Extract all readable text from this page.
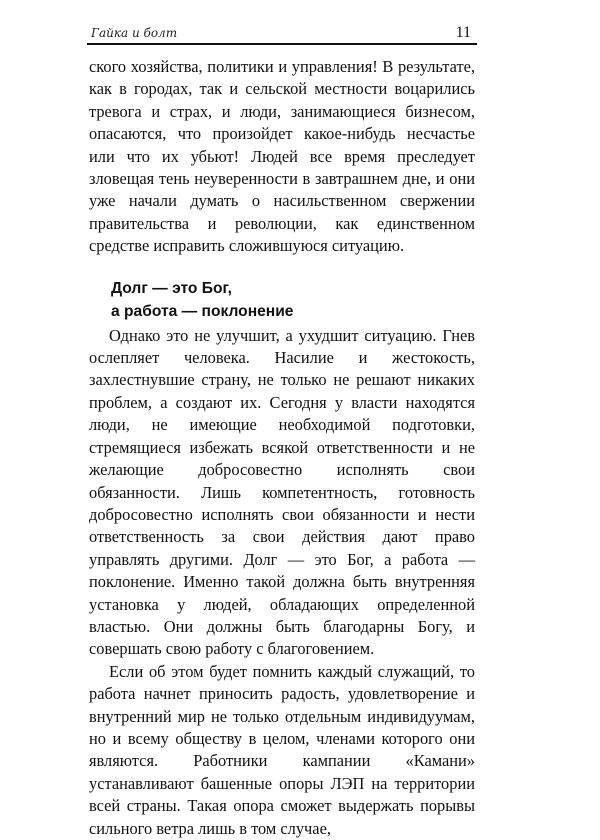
Гайка и болт	11

ского хозяйства, политики и управления! В результате, как в городах, так и сельской местности воцарились тревога и страх, и люди, занимающиеся бизнесом, опасаются, что произойдет какое-нибудь несчастье или что их убьют! Людей все время преследует зловещая тень неуверенности в завтрашнем дне, и они уже начали думать о насильственном свержении правительства и революции, как единственном средстве исправить сложившуюся ситуацию.

Долг — это Бог,
а работа — поклонение

Однако это не улучшит, а ухудшит ситуацию. Гнев ослепляет человека. Насилие и жестокость, захлестнувшие страну, не только не решают никаких проблем, а создают их. Сегодня у власти находятся люди, не имеющие необходимой подготовки, стремящиеся избежать всякой ответственности и не желающие добросовестно исполнять свои обязанности. Лишь компетентность, готовность добросовестно исполнять свои обязанности и нести ответственность за свои действия дают право управлять другими. Долг — это Бог, а работа — поклонение. Именно такой должна быть внутренняя установка у людей, обладающих определенной властью. Они должны быть благодарны Богу, и совершать свою работу с благоговением.

Если об этом будет помнить каждый служащий, то работа начнет приносить радость, удовлетворение и внутренний мир не только отдельным индивидуумам, но и всему обществу в целом, членами которого они являются. Работники кампании «Камани» устанавливают башенные опоры ЛЭП на территории всей страны. Такая опора сможет выдержать порывы сильного ветра лишь в том случае,
